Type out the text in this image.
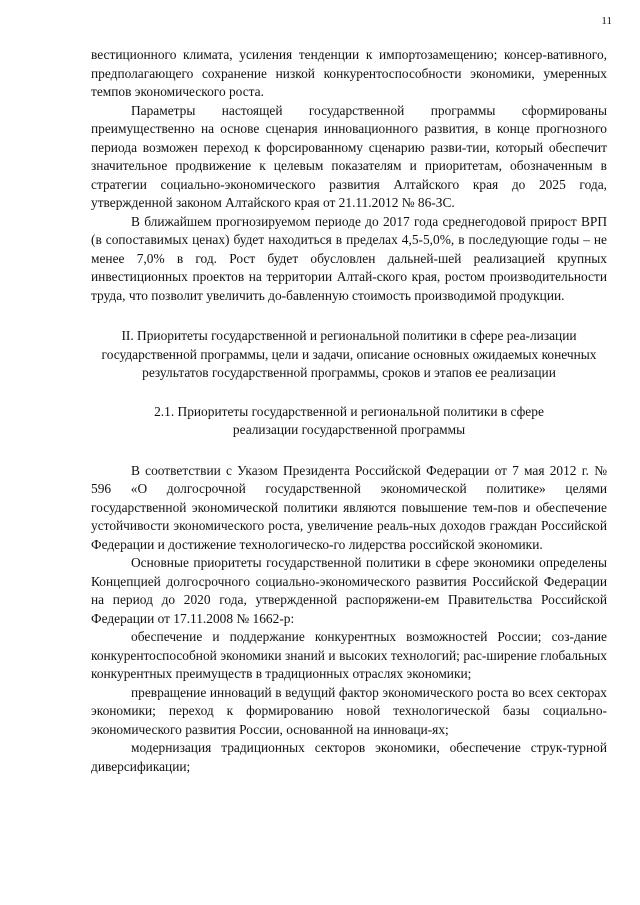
11

вестиционного климата, усиления тенденции к импортозамещению; консер-вативного, предполагающего сохранение низкой конкурентоспособности экономики, умеренных темпов экономического роста.

Параметры настоящей государственной программы сформированы преимущественно на основе сценария инновационного развития, в конце прогнозного периода возможен переход к форсированному сценарию разви-тии, который обеспечит значительное продвижение к целевым показателям и приоритетам, обозначенным в стратегии социально-экономического развития Алтайского края до 2025 года, утвержденной законом Алтайского края от 21.11.2012 № 86-ЗС.

В ближайшем прогнозируемом периоде до 2017 года среднегодовой прирост ВРП (в сопоставимых ценах) будет находиться в пределах 4,5-5,0%, в последующие годы – не менее 7,0% в год. Рост будет обусловлен дальней-шей реализацией крупных инвестиционных проектов на территории Алтай-ского края, ростом производительности труда, что позволит увеличить до-бавленную стоимость производимой продукции.

II. Приоритеты государственной и региональной политики в сфере реа-лизации государственной программы, цели и задачи, описание основных ожидаемых конечных результатов государственной программы, сроков и этапов ее реализации
2.1. Приоритеты государственной и региональной политики в сфере реализации государственной программы

В соответствии с Указом Президента Российской Федерации от 7 мая 2012 г. № 596 «О долгосрочной государственной экономической политике» целями государственной экономической политики являются повышение тем-пов и обеспечение устойчивости экономического роста, увеличение реаль-ных доходов граждан Российской Федерации и достижение технологическо-го лидерства российской экономики.

Основные приоритеты государственной политики в сфере экономики определены Концепцией долгосрочного социально-экономического развития Российской Федерации на период до 2020 года, утвержденной распоряжени-ем Правительства Российской Федерации от 17.11.2008 № 1662-р:

обеспечение и поддержание конкурентных возможностей России; соз-дание конкурентоспособной экономики знаний и высоких технологий; рас-ширение глобальных конкурентных преимуществ в традиционных отраслях экономики;

превращение инноваций в ведущий фактор экономического роста во всех секторах экономики; переход к формированию новой технологической базы социально-экономического развития России, основанной на инноваци-ях;

модернизация традиционных секторов экономики, обеспечение струк-турной диверсификации;
